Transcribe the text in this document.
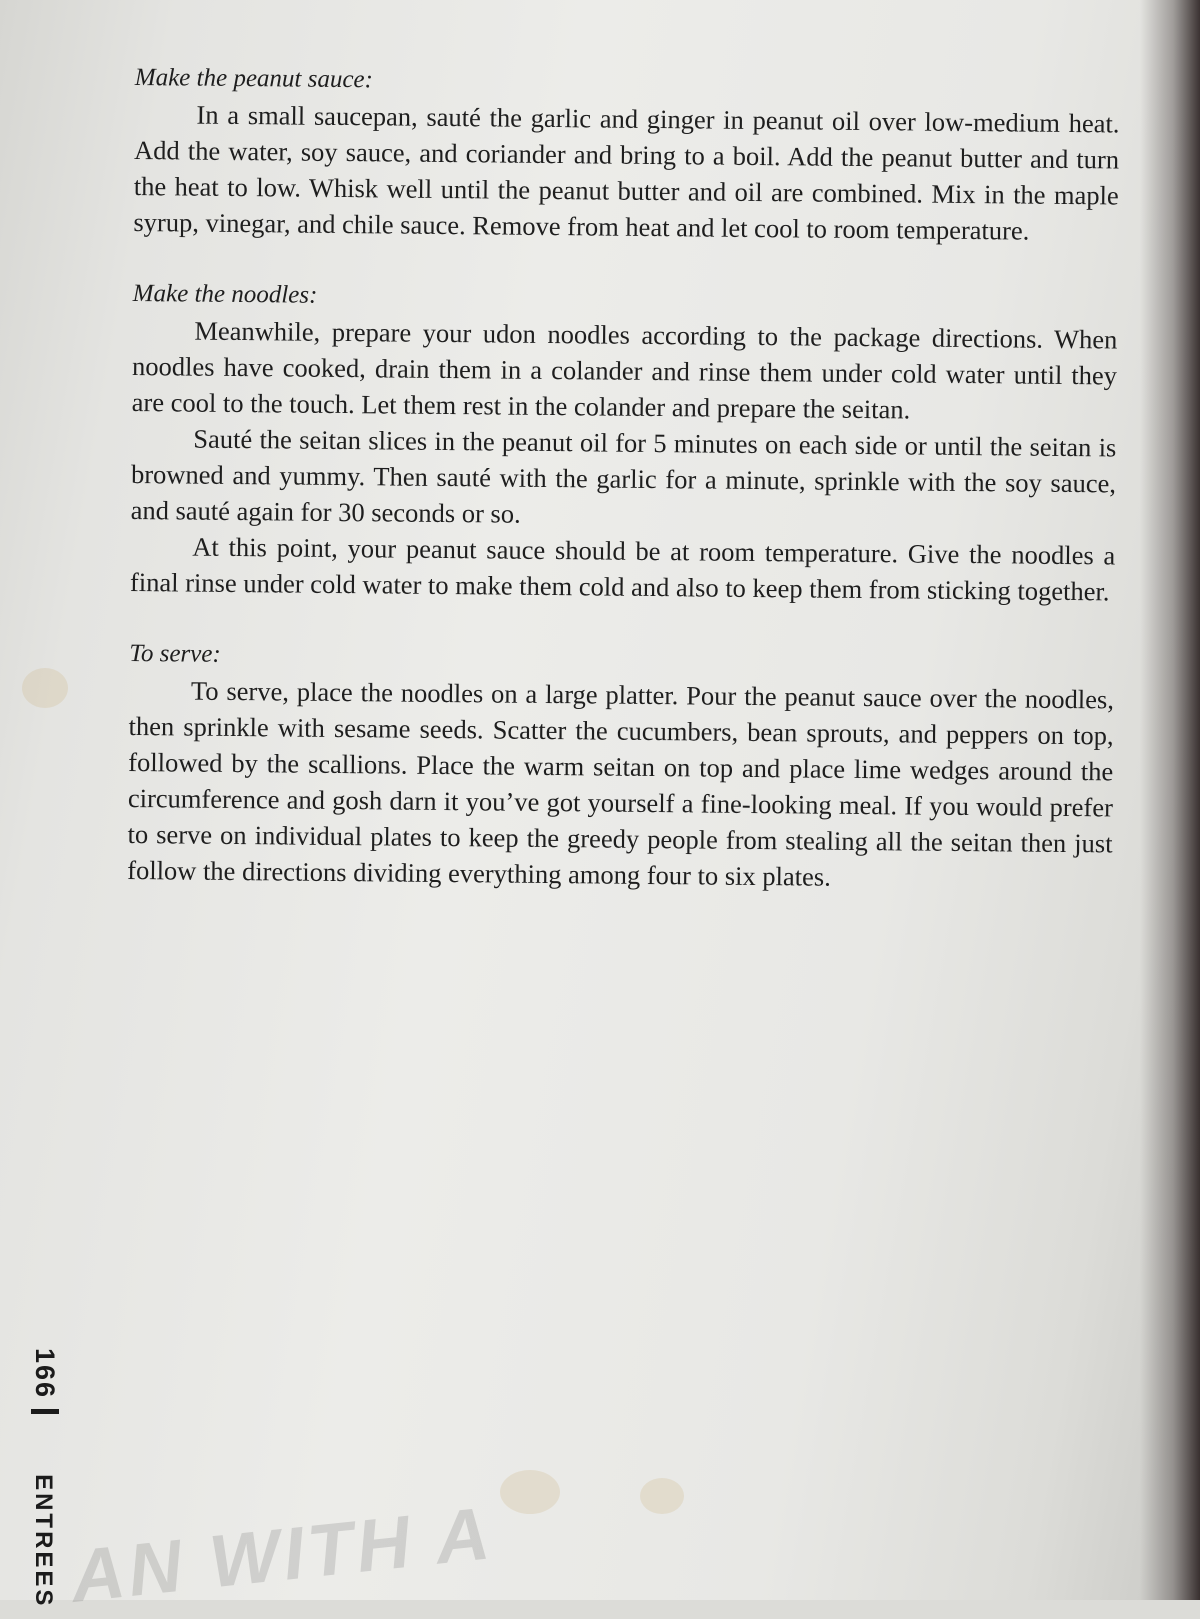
Make the peanut sauce:

In a small saucepan, sauté the garlic and ginger in peanut oil over low-medium heat. Add the water, soy sauce, and coriander and bring to a boil. Add the peanut butter and turn the heat to low. Whisk well until the peanut butter and oil are combined. Mix in the maple syrup, vinegar, and chile sauce. Remove from heat and let cool to room temperature.

Make the noodles:

Meanwhile, prepare your udon noodles according to the package directions. When noodles have cooked, drain them in a colander and rinse them under cold water until they are cool to the touch. Let them rest in the colander and prepare the seitan.

Sauté the seitan slices in the peanut oil for 5 minutes on each side or until the seitan is browned and yummy. Then sauté with the garlic for a minute, sprinkle with the soy sauce, and sauté again for 30 seconds or so.

At this point, your peanut sauce should be at room temperature. Give the noodles a final rinse under cold water to make them cold and also to keep them from sticking together.

To serve:

To serve, place the noodles on a large platter. Pour the peanut sauce over the noodles, then sprinkle with sesame seeds. Scatter the cucumbers, bean sprouts, and peppers on top, followed by the scallions. Place the warm seitan on top and place lime wedges around the circumference and gosh darn it you’ve got yourself a fine-looking meal. If you would prefer to serve on individual plates to keep the greedy people from stealing all the seitan then just follow the directions dividing everything among four to six plates.

166ENTREES AN WITH A
